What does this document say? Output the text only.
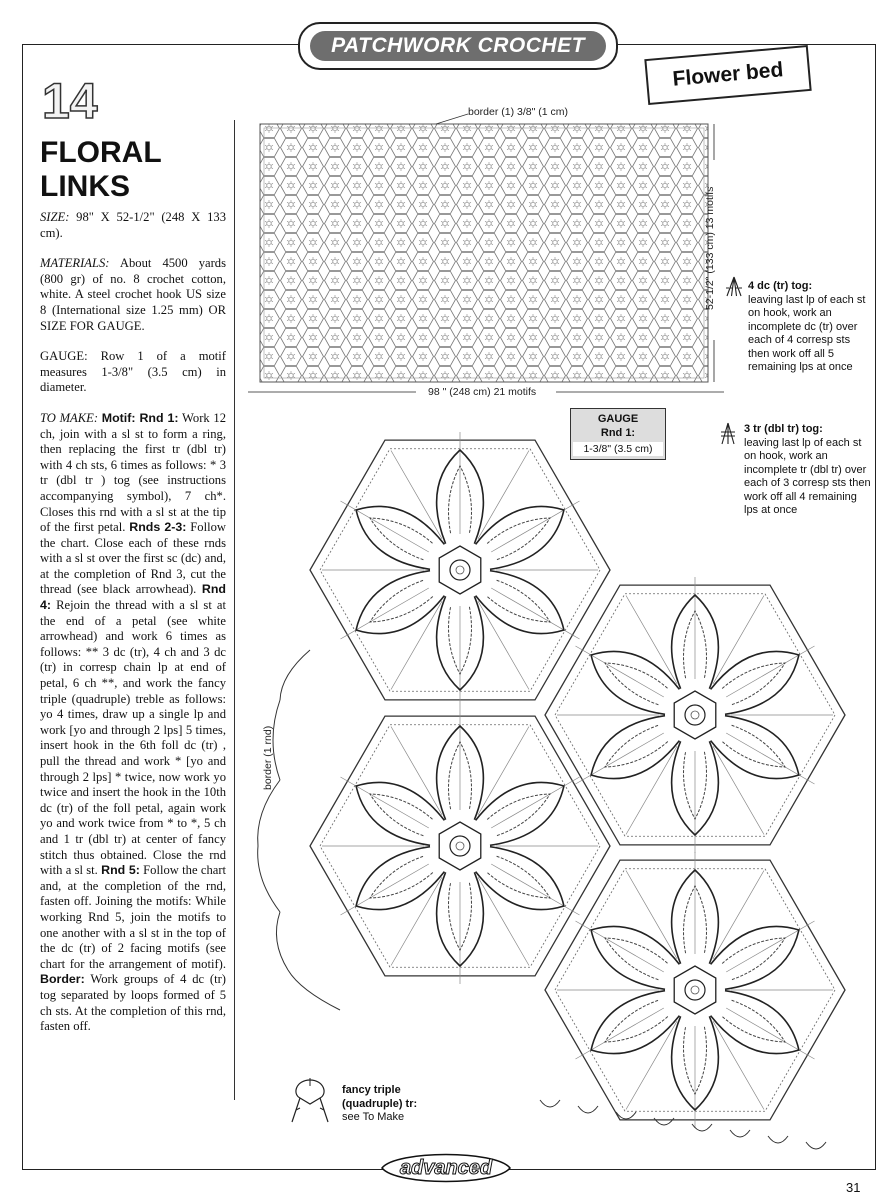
PATCHWORK CROCHET
Flower bed
14
FLORAL
LINKS

SIZE: 98" X 52-1/2" (248 X 133 cm).

MATERIALS: About 4500 yards (800 gr) of no. 8 crochet cotton, white. A steel crochet hook US size 8 (International size 1.25 mm) OR SIZE FOR GAUGE.

GAUGE: Row 1 of a motif measures 1-3/8" (3.5 cm) in diameter.

TO MAKE: Motif: Rnd 1: Work 12 ch, join with a sl st to form a ring, then replacing the first tr (dbl tr) with 4 ch sts, 6 times as follows: * 3 tr (dbl tr ) tog (see instructions accompanying symbol), 7 ch*. Closes this rnd with a sl st at the tip of the first petal. Rnds 2-3: Follow the chart. Close each of these rnds with a sl st over the first sc (dc) and, at the completion of Rnd 3, cut the thread (see black arrowhead). Rnd 4: Rejoin the thread with a sl st at the end of a petal (see white arrowhead) and work 6 times as follows: ** 3 dc (tr), 4 ch and 3 dc (tr) in corresp chain lp at end of petal, 6 ch **, and work the fancy triple (quadruple) treble as follows: yo 4 times, draw up a single lp and work [yo and through 2 lps] 5 times, insert hook in the 6th foll dc (tr) , pull the thread and work * [yo and through 2 lps] * twice, now work yo twice and insert the hook in the 10th dc (tr) of the foll petal, again work yo and work twice from * to *, 5 ch and 1 tr (dbl tr) at center of fancy stitch thus obtained. Close the rnd with a sl st. Rnd 5: Follow the chart and, at the completion of the rnd, fasten off. Joining the motifs: While working Rnd 5, join the motifs to one another with a sl st in the top of the dc (tr) of 2 facing motifs (see chart for the arrangement of motif). Border: Work groups of 4 dc (tr) tog separated by loops formed of 5 ch sts. At the completion of this rnd, fasten off.

border (1) 3/8" (1 cm)
98 " (248 cm) 21 motifs
52-1/2" (133 cm) 13 motifs
GAUGE
Rnd 1:
1-3/8" (3.5 cm)
4 dc (tr) tog:
leaving last lp of each st on hook, work an incomplete dc (tr) over each of 4 corresp sts then work off all 5 remaining lps at once
3 tr (dbl tr) tog:
leaving last lp of each st on hook, work an incomplete tr (dbl tr) over each of 3 corresp sts then work off all 4 remaining lps at once
fancy triple (quadruple) tr:
see To Make
border (1 rnd)
advanced
31
